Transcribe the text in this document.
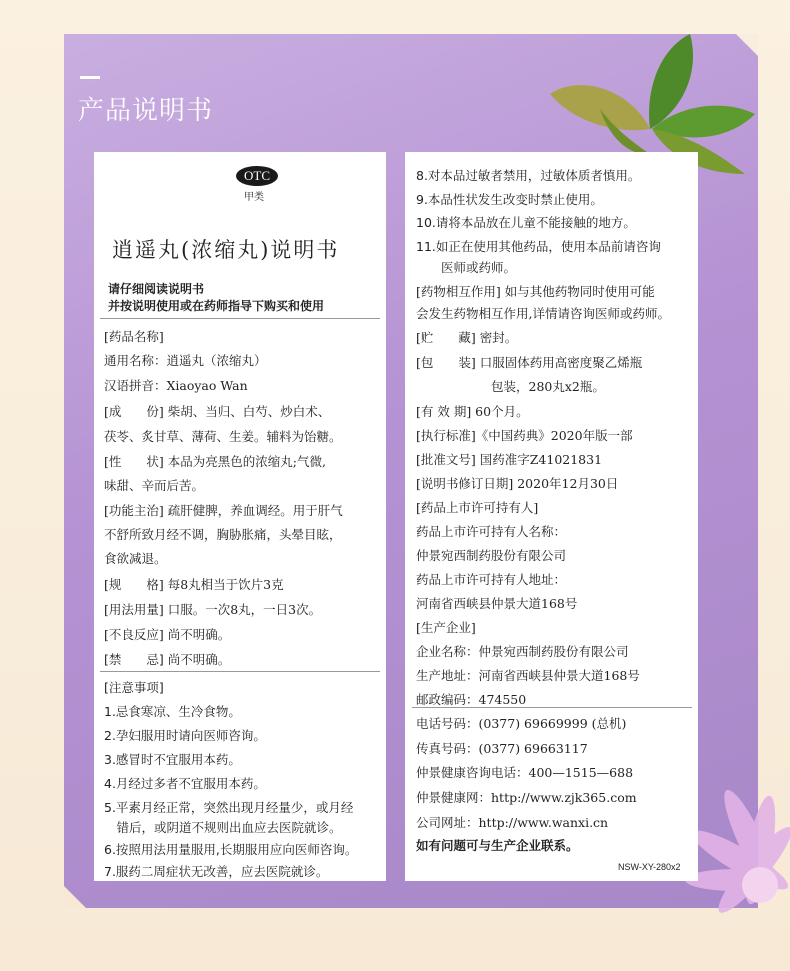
产品说明书
OTC
甲类
逍遥丸(浓缩丸)说明书
请仔细阅读说明书
并按说明使用或在药师指导下购买和使用
[药品名称]
通用名称：逍遥丸（浓缩丸）
汉语拼音：Xiaoyao Wan
[成　　份] 柴胡、当归、白芍、炒白术、
茯苓、炙甘草、薄荷、生姜。辅料为饴糖。
[性　　状] 本品为亮黑色的浓缩丸;气微,
味甜、辛而后苦。
[功能主治] 疏肝健脾，养血调经。用于肝气
不舒所致月经不调，胸胁胀痛，头晕目眩，
食欲减退。
[规　　格] 每8丸相当于饮片3克
[用法用量] 口服。一次8丸，一日3次。
[不良反应] 尚不明确。
[禁　　忌] 尚不明确。
[注意事项]
1.忌食寒凉、生冷食物。
2.孕妇服用时请向医师咨询。
3.感冒时不宜服用本药。
4.月经过多者不宜服用本药。
5.平素月经正常，突然出现月经量少，或月经
　错后，或阴道不规则出血应去医院就诊。
6.按照用法用量服用,长期服用应向医师咨询。
7.服药二周症状无改善，应去医院就诊。
8.对本品过敏者禁用，过敏体质者慎用。
9.本品性状发生改变时禁止使用。
10.请将本品放在儿童不能接触的地方。
11.如正在使用其他药品，使用本品前请咨询
　　医师或药师。
[药物相互作用] 如与其他药物同时使用可能
会发生药物相互作用,详情请咨询医师或药师。
[贮　　藏] 密封。
[包　　装] 口服固体药用高密度聚乙烯瓶
　　　　　　包装，280丸x2瓶。
[有 效 期] 60个月。
[执行标准]《中国药典》2020年版一部
[批准文号] 国药准字Z41021831
[说明书修订日期] 2020年12月30日
[药品上市许可持有人]
药品上市许可持有人名称：
仲景宛西制药股份有限公司
药品上市许可持有人地址：
河南省西峡县仲景大道168号
[生产企业]
企业名称：仲景宛西制药股份有限公司
生产地址：河南省西峡县仲景大道168号
邮政编码：474550
电话号码：(0377) 69669999 (总机)
传真号码：(0377) 69663117
仲景健康咨询电话：400—1515—688
仲景健康网：http://www.zjk365.com
公司网址：http://www.wanxi.cn
如有问题可与生产企业联系。
NSW-XY-280x2
